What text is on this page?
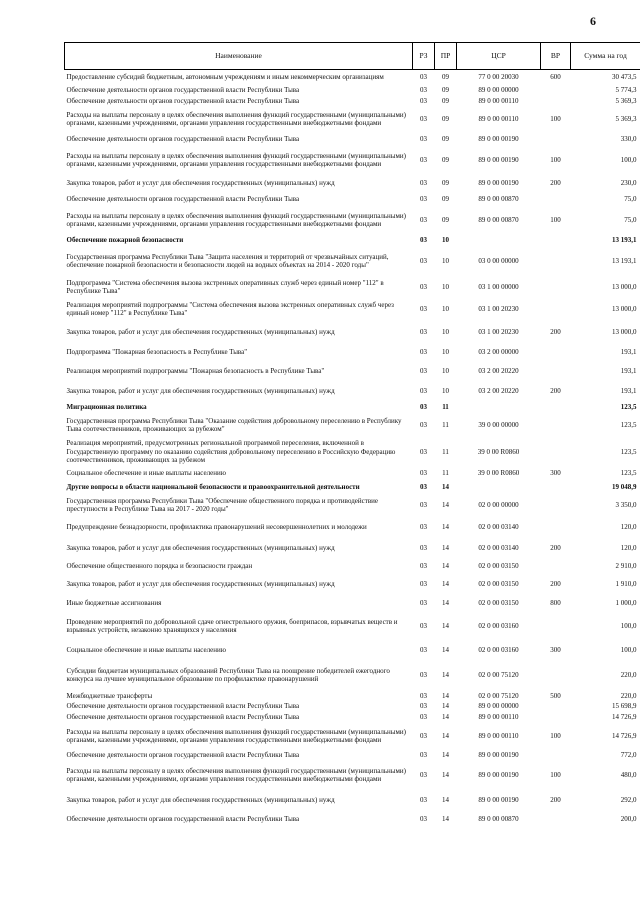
6
Наименование	РЗ	ПР	ЦСР	ВР	Сумма на год
Предоставление субсидий бюджетным, автономным учреждениям и иным некоммерческим организациям	03	09	77 0 00 20030	600	30 473,5
Обеспечение деятельности органов государственной власти Республики Тыва	03	09	89 0 00 00000		5 774,3
Обеспечение деятельности органов государственной власти Республики Тыва	03	09	89 0 00 00110		5 369,3
Расходы на выплаты персоналу в целях обеспечения выполнения функций государственными (муниципальными) органами, казенными учреждениями, органами управления государственными внебюджетными фондами	03	09	89 0 00 00110	100	5 369,3
Обеспечение деятельности органов государственной власти Республики Тыва	03	09	89 0 00 00190		330,0
Расходы на выплаты персоналу в целях обеспечения выполнения функций государственными (муниципальными) органами, казенными учреждениями, органами управления государственными внебюджетными фондами	03	09	89 0 00 00190	100	100,0
Закупка товаров, работ и услуг для обеспечения государственных (муниципальных) нужд	03	09	89 0 00 00190	200	230,0
Обеспечение деятельности органов государственной власти Республики Тыва	03	09	89 0 00 00870		75,0
Расходы на выплаты персоналу в целях обеспечения выполнения функций государственными (муниципальными) органами, казенными учреждениями, органами управления государственными внебюджетными фондами	03	09	89 0 00 00870	100	75,0
Обеспечение пожарной безопасности	03	10			13 193,1
Государственная программа Республики Тыва "Защита населения и территорий от чрезвычайных ситуаций, обеспечение пожарной безопасности и безопасности людей на водных объектах на 2014 - 2020 годы"	03	10	03 0 00 00000		13 193,1
Подпрограмма "Система обеспечения вызова экстренных оперативных служб через единый номер "112" в Республике Тыва"	03	10	03 1 00 00000		13 000,0
Реализация мероприятий подпрограммы "Система обеспечения вызова экстренных оперативных служб через единый номер "112" в Республике Тыва"	03	10	03 1 00 20230		13 000,0
Закупка товаров, работ и услуг для обеспечения государственных (муниципальных) нужд	03	10	03 1 00 20230	200	13 000,0
Подпрограмма "Пожарная безопасность в Республике Тыва"	03	10	03 2 00 00000		193,1
Реализация мероприятий подпрограммы "Пожарная безопасность в Республике Тыва"	03	10	03 2 00 20220		193,1
Закупка товаров, работ и услуг для обеспечения государственных (муниципальных) нужд	03	10	03 2 00 20220	200	193,1
Миграционная политика	03	11			123,5
Государственная программа Республики Тыва "Оказание содействия добровольному переселению в Республику Тыва соотечественников, проживающих за рубежом"	03	11	39 0 00 00000		123,5
Реализация мероприятий, предусмотренных региональной программой переселения, включенной в Государственную программу по оказанию содействия добровольному переселению в Российскую Федерацию соотечественников, проживающих за рубежом	03	11	39 0 00 R0860		123,5
Социальное обеспечение и иные выплаты населению	03	11	39 0 00 R0860	300	123,5
Другие вопросы в области национальной безопасности и правоохранительной деятельности	03	14			19 048,9
Государственная программа Республики Тыва "Обеспечение общественного порядка и противодействие преступности в Республике Тыва на 2017 - 2020 годы"	03	14	02 0 00 00000		3 350,0
Предупреждение безнадзорности, профилактика правонарушений несовершеннолетних и молодежи	03	14	02 0 00 03140		120,0
Закупка товаров, работ и услуг для обеспечения государственных (муниципальных) нужд	03	14	02 0 00 03140	200	120,0
Обеспечение общественного порядка и безопасности граждан	03	14	02 0 00 03150		2 910,0
Закупка товаров, работ и услуг для обеспечения государственных (муниципальных) нужд	03	14	02 0 00 03150	200	1 910,0
Иные бюджетные ассигнования	03	14	02 0 00 03150	800	1 000,0
Проведение мероприятий по добровольной сдаче огнестрельного оружия, боеприпасов, взрывчатых веществ и взрывных устройств, незаконно хранящихся у населения	03	14	02 0 00 03160		100,0
Социальное обеспечение и иные выплаты населению	03	14	02 0 00 03160	300	100,0
Субсидии бюджетам муниципальных образований Республики Тыва на поощрение победителей ежегодного конкурса на лучшее муниципальное образование по профилактике правонарушений	03	14	02 0 00 75120		220,0
Межбюджетные трансферты	03	14	02 0 00 75120	500	220,0
Обеспечение деятельности органов государственной власти Республики Тыва	03	14	89 0 00 00000		15 698,9
Обеспечение деятельности органов государственной власти Республики Тыва	03	14	89 0 00 00110		14 726,9
Расходы на выплаты персоналу в целях обеспечения выполнения функций государственными (муниципальными) органами, казенными учреждениями, органами управления государственными внебюджетными фондами	03	14	89 0 00 00110	100	14 726,9
Обеспечение деятельности органов государственной власти Республики Тыва	03	14	89 0 00 00190		772,0
Расходы на выплаты персоналу в целях обеспечения выполнения функций государственными (муниципальными) органами, казенными учреждениями, органами управления государственными внебюджетными фондами	03	14	89 0 00 00190	100	480,0
Закупка товаров, работ и услуг для обеспечения государственных (муниципальных) нужд	03	14	89 0 00 00190	200	292,0
Обеспечение деятельности органов государственной власти Республики Тыва	03	14	89 0 00 00870		200,0
